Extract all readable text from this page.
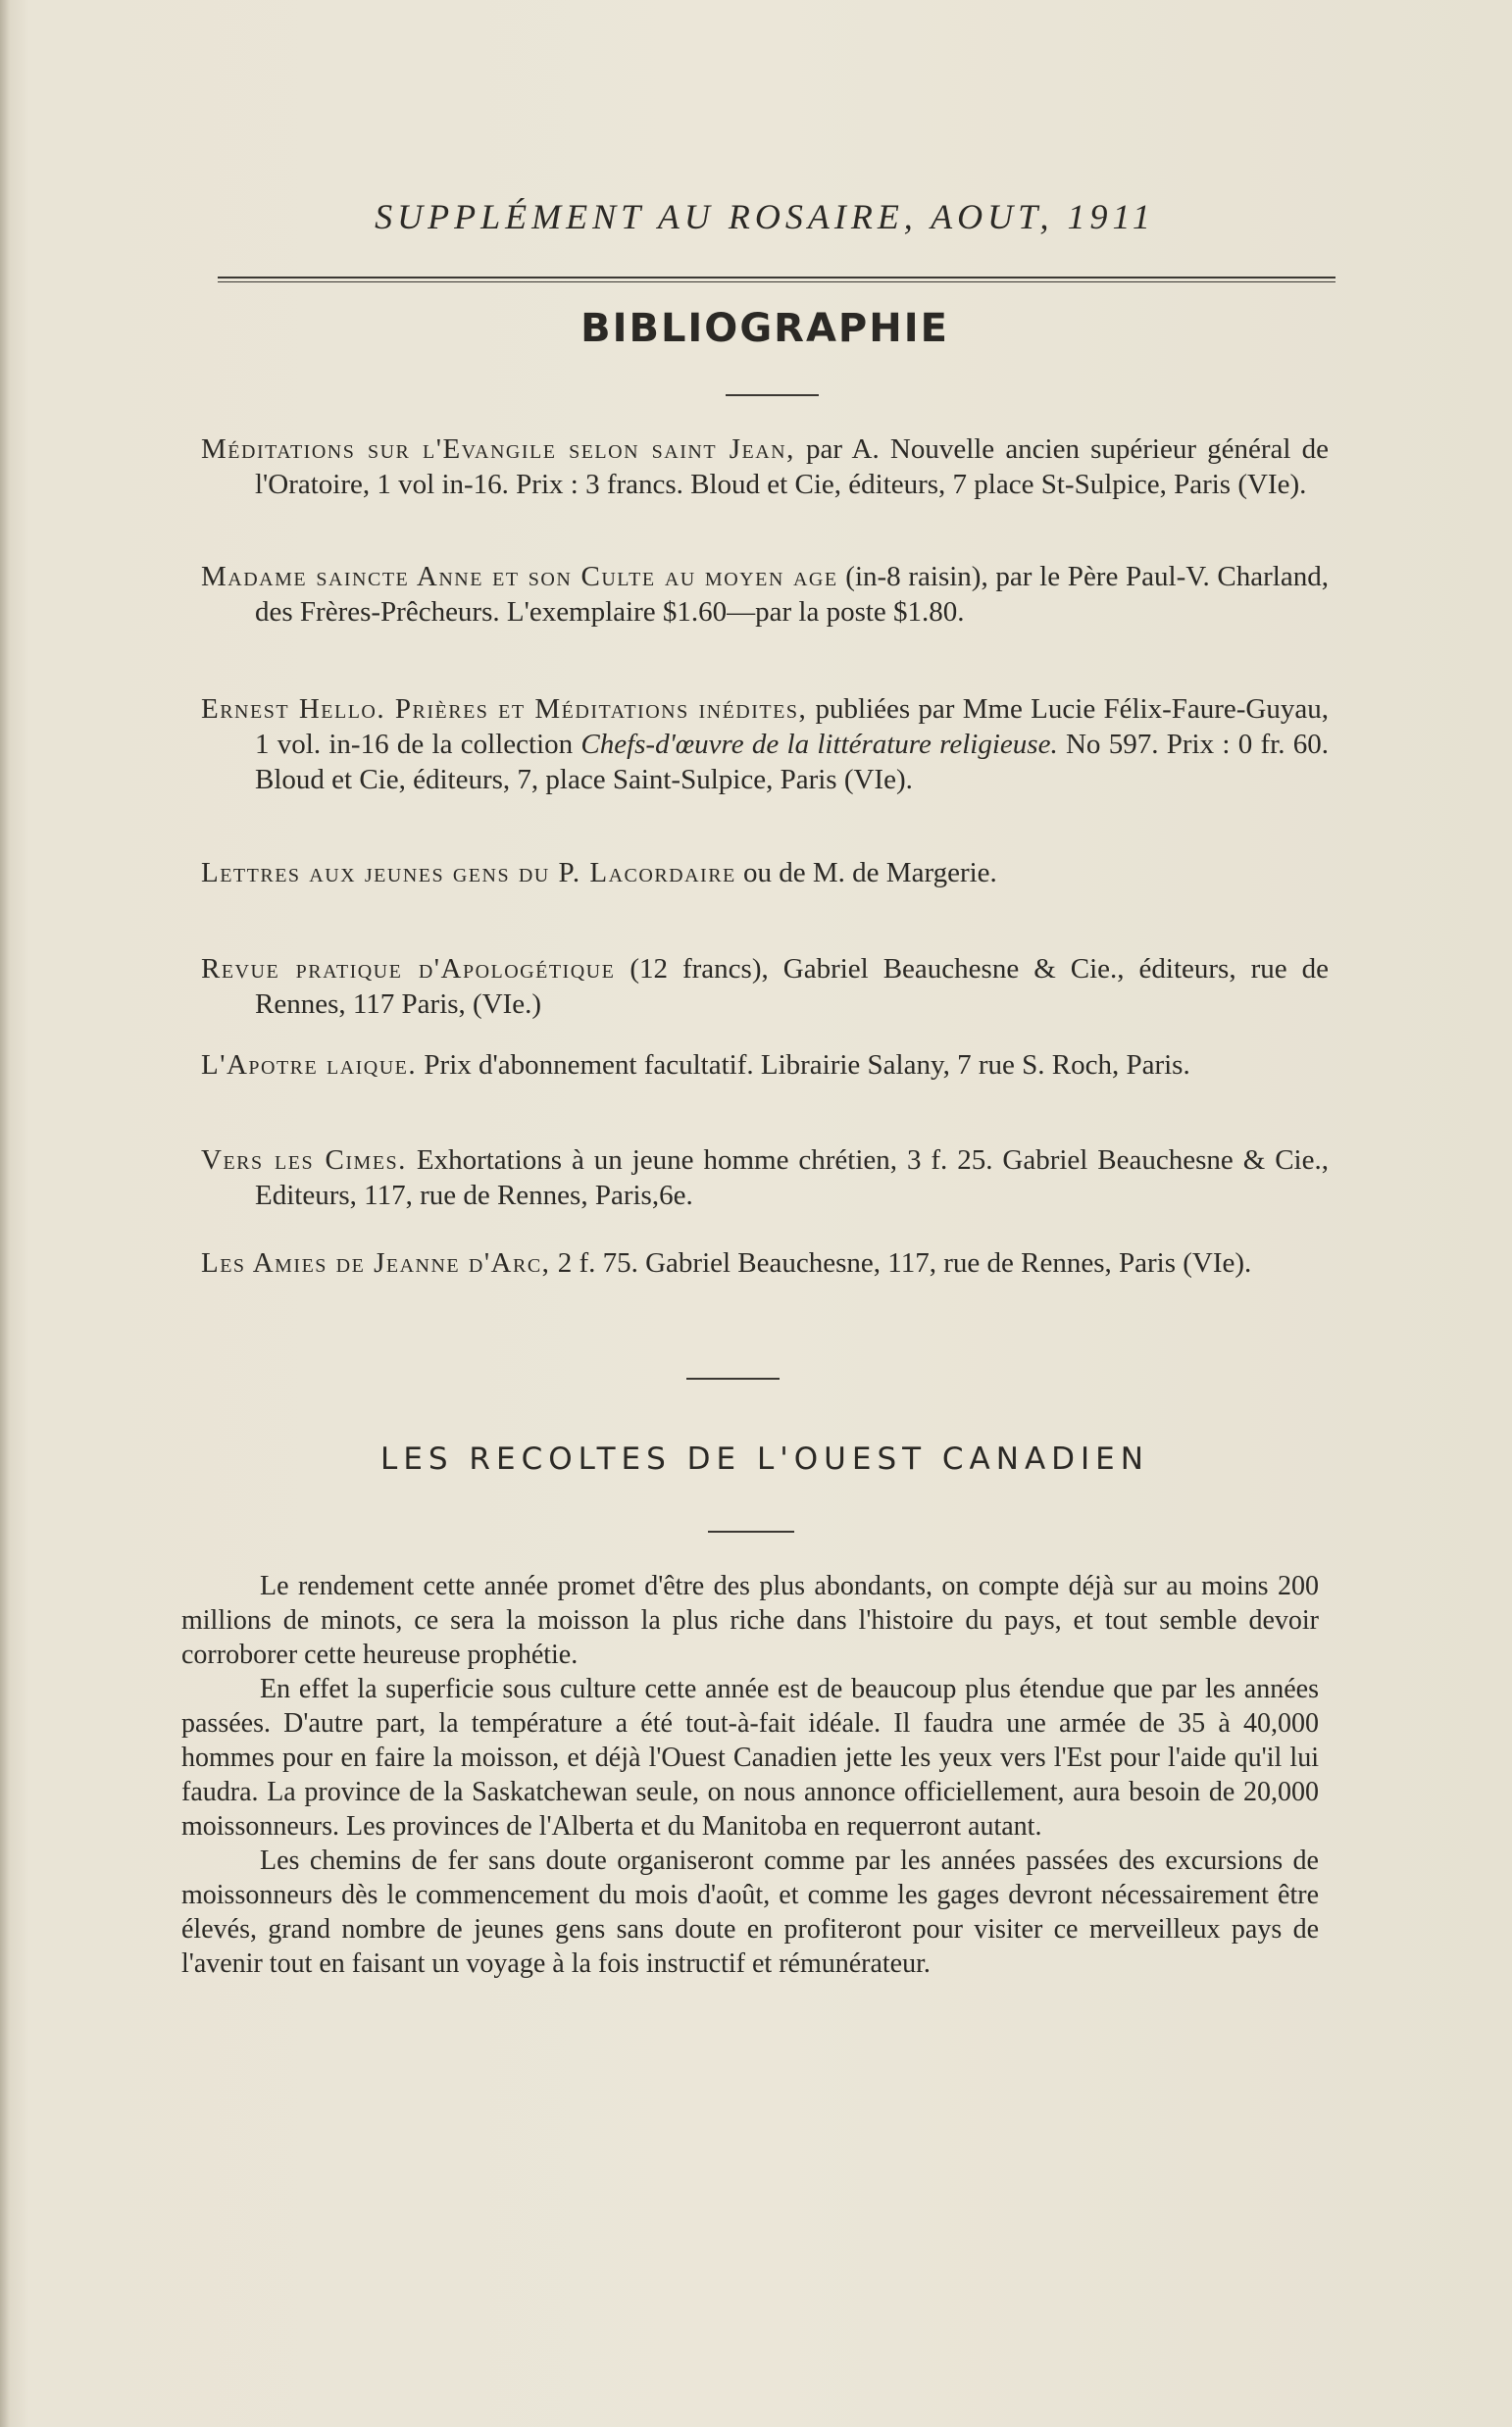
SUPPLÉMENT AU ROSAIRE, AOUT, 1911
BIBLIOGRAPHIE

Méditations sur l'Evangile selon saint Jean, par A. Nouvelle ancien supérieur général de l'Oratoire, 1 vol in-16. Prix : 3 francs. Bloud et Cie, éditeurs, 7 place St-Sulpice, Paris (VIe).

Madame saincte Anne et son Culte au moyen age (in-8 raisin), par le Père Paul-V. Charland, des Frères-Prêcheurs. L'exemplaire $1.60—par la poste $1.80.

Ernest Hello. Prières et Méditations inédites, publiées par Mme Lucie Félix-Faure-Guyau, 1 vol. in-16 de la collection Chefs-d'œuvre de la littérature religieuse. No 597. Prix : 0 fr. 60. Bloud et Cie, éditeurs, 7, place Saint-Sulpice, Paris (VIe).

Lettres aux jeunes gens du P. Lacordaire ou de M. de Margerie.

Revue pratique d'Apologétique (12 francs), Gabriel Beauchesne & Cie., éditeurs, rue de Rennes, 117 Paris, (VIe.)

L'Apotre laique. Prix d'abonnement facultatif. Librairie Salany, 7 rue S. Roch, Paris.

Vers les Cimes. Exhortations à un jeune homme chrétien, 3 f. 25. Gabriel Beauchesne & Cie., Editeurs, 117, rue de Rennes, Paris,6e.

Les Amies de Jeanne d'Arc, 2 f. 75. Gabriel Beauchesne, 117, rue de Rennes, Paris (VIe).

LES RECOLTES DE L'OUEST CANADIEN

Le rendement cette année promet d'être des plus abondants, on compte déjà sur au moins 200 millions de minots, ce sera la moisson la plus riche dans l'histoire du pays, et tout semble devoir corroborer cette heureuse prophétie.

En effet la superficie sous culture cette année est de beaucoup plus étendue que par les années passées. D'autre part, la température a été tout-à-fait idéale. Il faudra une armée de 35 à 40,000 hommes pour en faire la moisson, et déjà l'Ouest Canadien jette les yeux vers l'Est pour l'aide qu'il lui faudra. La province de la Saskatchewan seule, on nous annonce officiellement, aura besoin de 20,000 moissonneurs. Les provinces de l'Alberta et du Manitoba en requerront autant.

Les chemins de fer sans doute organiseront comme par les années passées des excursions de moissonneurs dès le commencement du mois d'août, et comme les gages devront nécessairement être élevés, grand nombre de jeunes gens sans doute en profiteront pour visiter ce merveilleux pays de l'avenir tout en faisant un voyage à la fois instructif et rémunérateur.
